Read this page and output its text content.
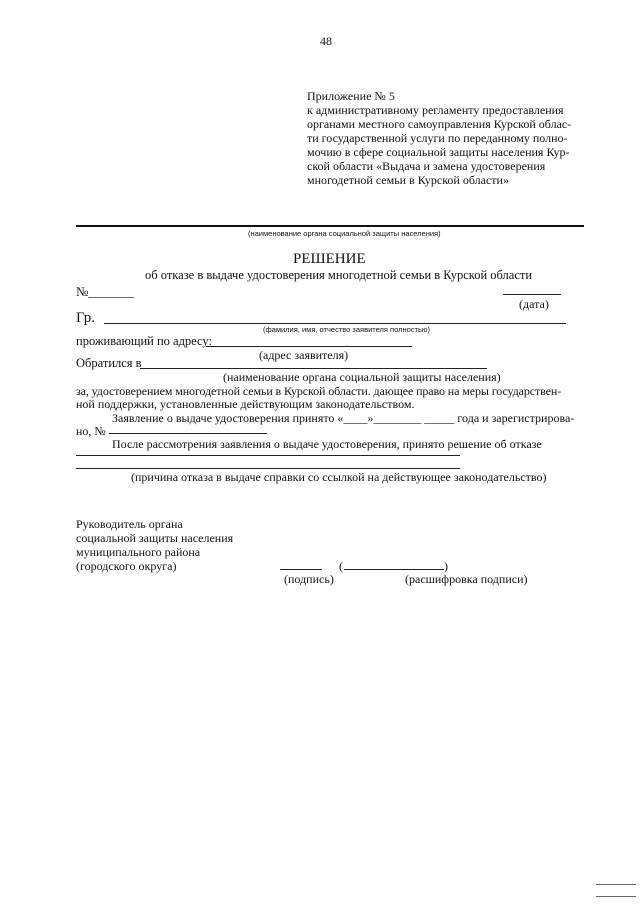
48
Приложение № 5
к административному регламенту предоставления
органами местного самоуправления Курской облас-
ти государственной услуги по переданному полно-
мочию в сфере социальной защиты населения Кур-
ской области «Выдача и замена удостоверения
многодетной семьи в Курской области»
(наименование органа социальной защиты населения)
РЕШЕНИЕ
об отказе в выдаче удостоверения многодетной семьи в Курской области
№_______
(дата)
Гр.
(фамилия, имя, отчество заявителя полностью)
проживающий по адресу:
(адрес заявителя)
Обратился в
(наименование органа социальной защиты населения)
за, удостоверением многодетной семьи в Курской области. дающее право на меры государствен-
ной поддержки, установленные действующим законодательством.
Заявление о выдаче удостоверения принято «____»________ _____ года и зарегистрирова-
но, №
После рассмотрения заявления о выдаче удостоверения, принято решение об отказе
(причина отказа в выдаче справки со ссылкой на действующее законодательство)
Руководитель органа
социальной защиты населения
муниципального района
(городского округа)
(подпись)
(	)
(расшифровка подписи)
